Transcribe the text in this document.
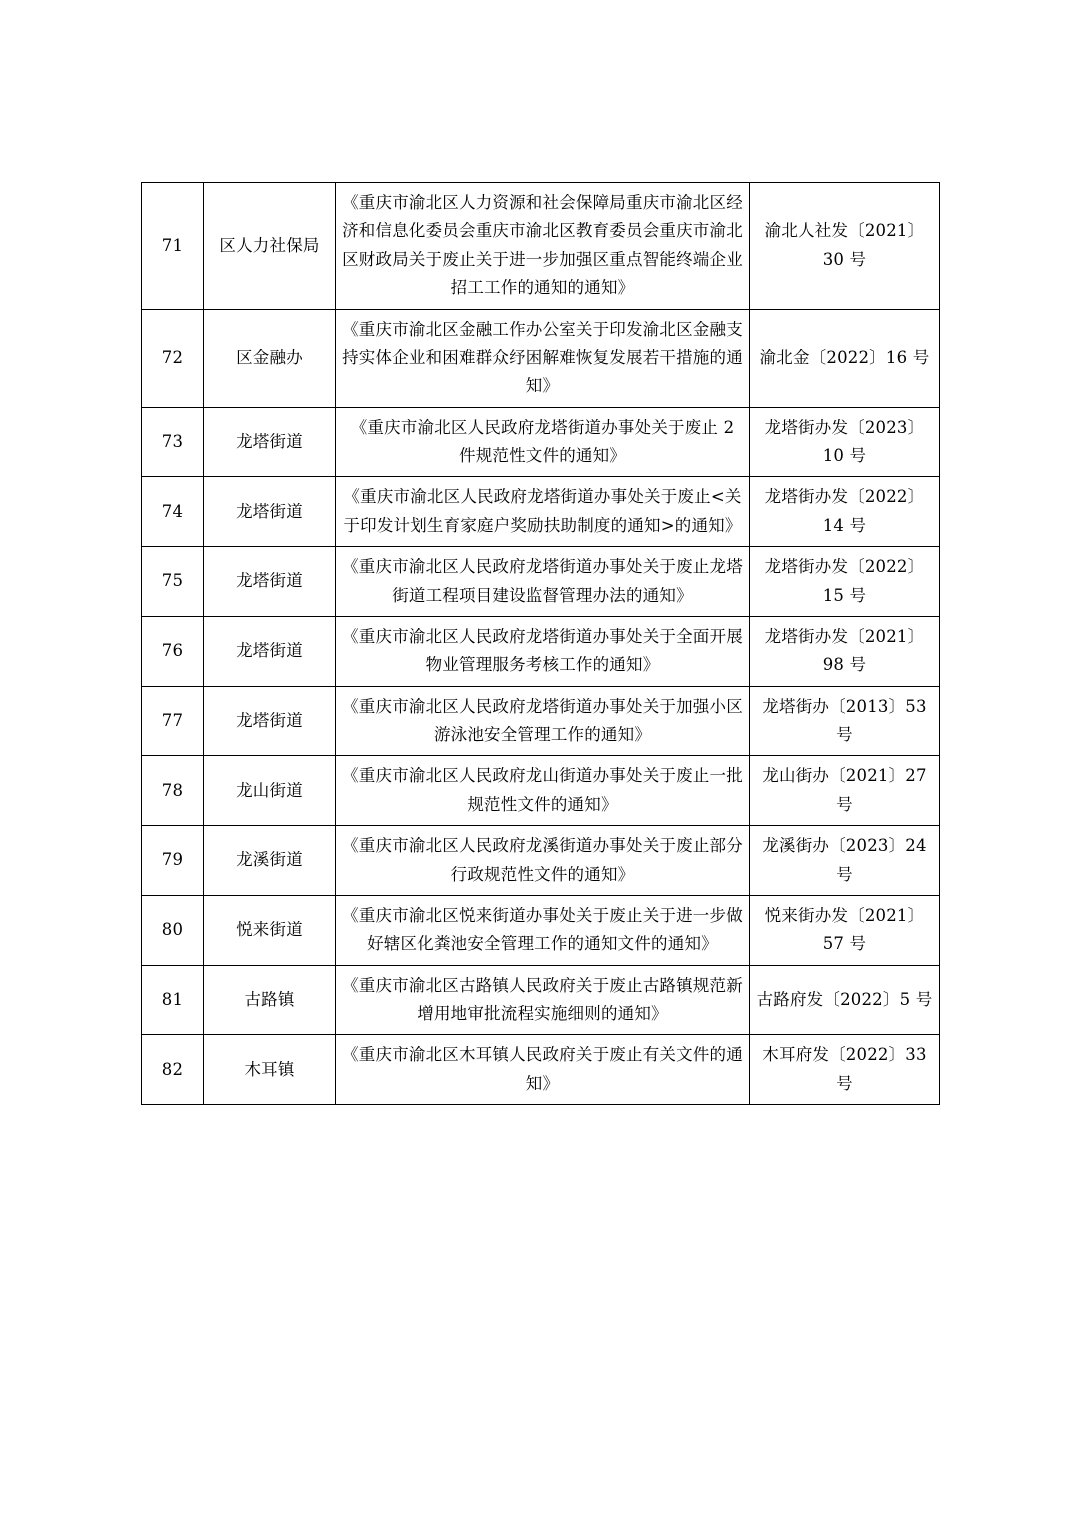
71	区人力社保局	《重庆市渝北区人力资源和社会保障局重庆市渝北区经济和信息化委员会重庆市渝北区教育委员会重庆市渝北区财政局关于废止关于进一步加强区重点智能终端企业招工工作的通知的通知》	渝北人社发〔2021〕30 号
72	区金融办	《重庆市渝北区金融工作办公室关于印发渝北区金融支持实体企业和困难群众纾困解难恢复发展若干措施的通知》	渝北金〔2022〕16 号
73	龙塔街道	《重庆市渝北区人民政府龙塔街道办事处关于废止 2 件规范性文件的通知》	龙塔街办发〔2023〕10 号
74	龙塔街道	《重庆市渝北区人民政府龙塔街道办事处关于废止<关于印发计划生育家庭户奖励扶助制度的通知>的通知》	龙塔街办发〔2022〕14 号
75	龙塔街道	《重庆市渝北区人民政府龙塔街道办事处关于废止龙塔街道工程项目建设监督管理办法的通知》	龙塔街办发〔2022〕15 号
76	龙塔街道	《重庆市渝北区人民政府龙塔街道办事处关于全面开展物业管理服务考核工作的通知》	龙塔街办发〔2021〕98 号
77	龙塔街道	《重庆市渝北区人民政府龙塔街道办事处关于加强小区游泳池安全管理工作的通知》	龙塔街办〔2013〕53 号
78	龙山街道	《重庆市渝北区人民政府龙山街道办事处关于废止一批规范性文件的通知》	龙山街办〔2021〕27 号
79	龙溪街道	《重庆市渝北区人民政府龙溪街道办事处关于废止部分行政规范性文件的通知》	龙溪街办〔2023〕24 号
80	悦来街道	《重庆市渝北区悦来街道办事处关于废止关于进一步做好辖区化粪池安全管理工作的通知文件的通知》	悦来街办发〔2021〕57 号
81	古路镇	《重庆市渝北区古路镇人民政府关于废止古路镇规范新增用地审批流程实施细则的通知》	古路府发〔2022〕5 号
82	木耳镇	《重庆市渝北区木耳镇人民政府关于废止有关文件的通知》	木耳府发〔2022〕33 号
